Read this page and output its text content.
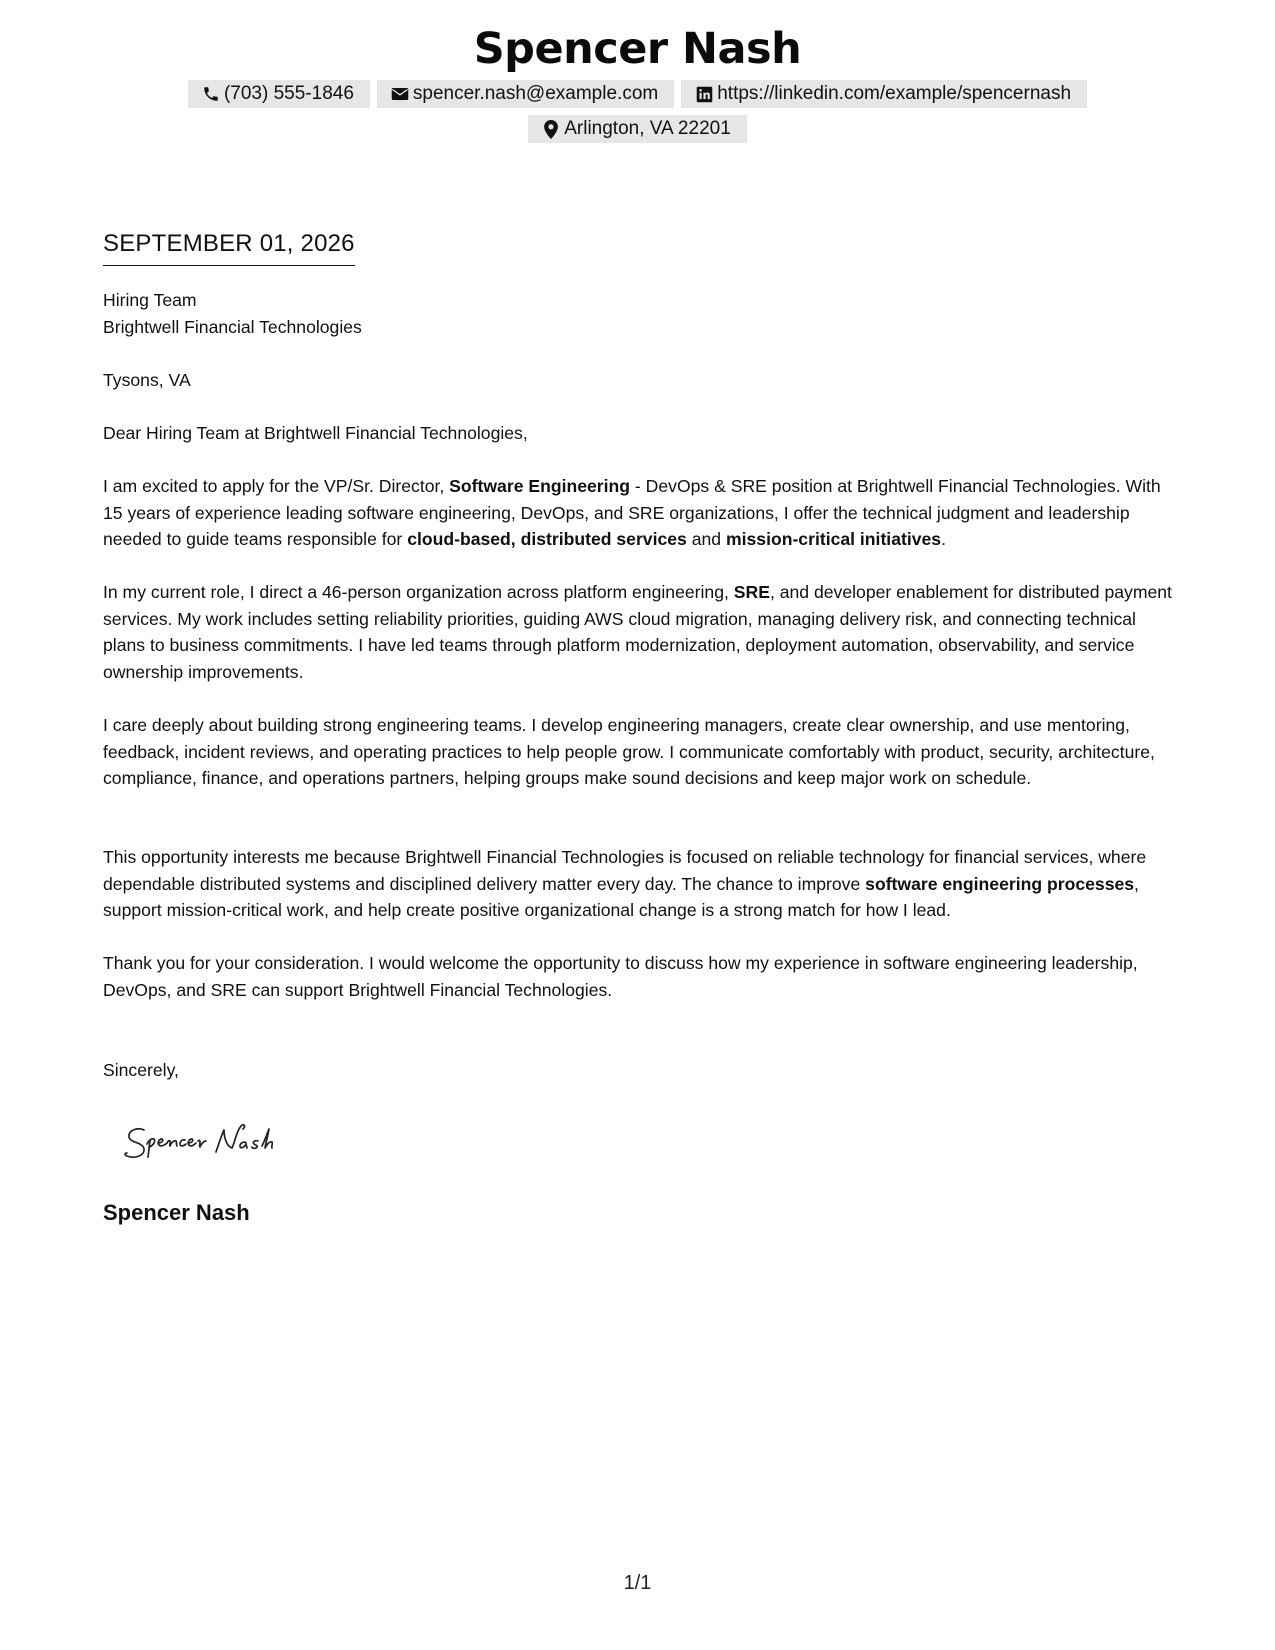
Spencer Nash
(703) 555-1846	spencer.nash@example.com	https://linkedin.com/example/spencernash
Arlington, VA 22201
SEPTEMBER 01, 2026
Hiring Team
Brightwell Financial Technologies
Tysons, VA
Dear Hiring Team at Brightwell Financial Technologies,

I am excited to apply for the VP/Sr. Director, Software Engineering - DevOps & SRE position at Brightwell Financial Technologies. With 15 years of experience leading software engineering, DevOps, and SRE organizations, I offer the technical judgment and leadership needed to guide teams responsible for cloud-based, distributed services and mission-critical initiatives.

In my current role, I direct a 46-person organization across platform engineering, SRE, and developer enablement for distributed payment services. My work includes setting reliability priorities, guiding AWS cloud migration, managing delivery risk, and connecting technical plans to business commitments. I have led teams through platform modernization, deployment automation, observability, and service ownership improvements.

I care deeply about building strong engineering teams. I develop engineering managers, create clear ownership, and use mentoring, feedback, incident reviews, and operating practices to help people grow. I communicate comfortably with product, security, architecture, compliance, finance, and operations partners, helping groups make sound decisions and keep major work on schedule.

This opportunity interests me because Brightwell Financial Technologies is focused on reliable technology for financial services, where dependable distributed systems and disciplined delivery matter every day. The chance to improve software engineering processes, support mission-critical work, and help create positive organizational change is a strong match for how I lead.

Thank you for your consideration. I would welcome the opportunity to discuss how my experience in software engineering leadership, DevOps, and SRE can support Brightwell Financial Technologies.

Sincerely,
Spencer Nash
1/1
